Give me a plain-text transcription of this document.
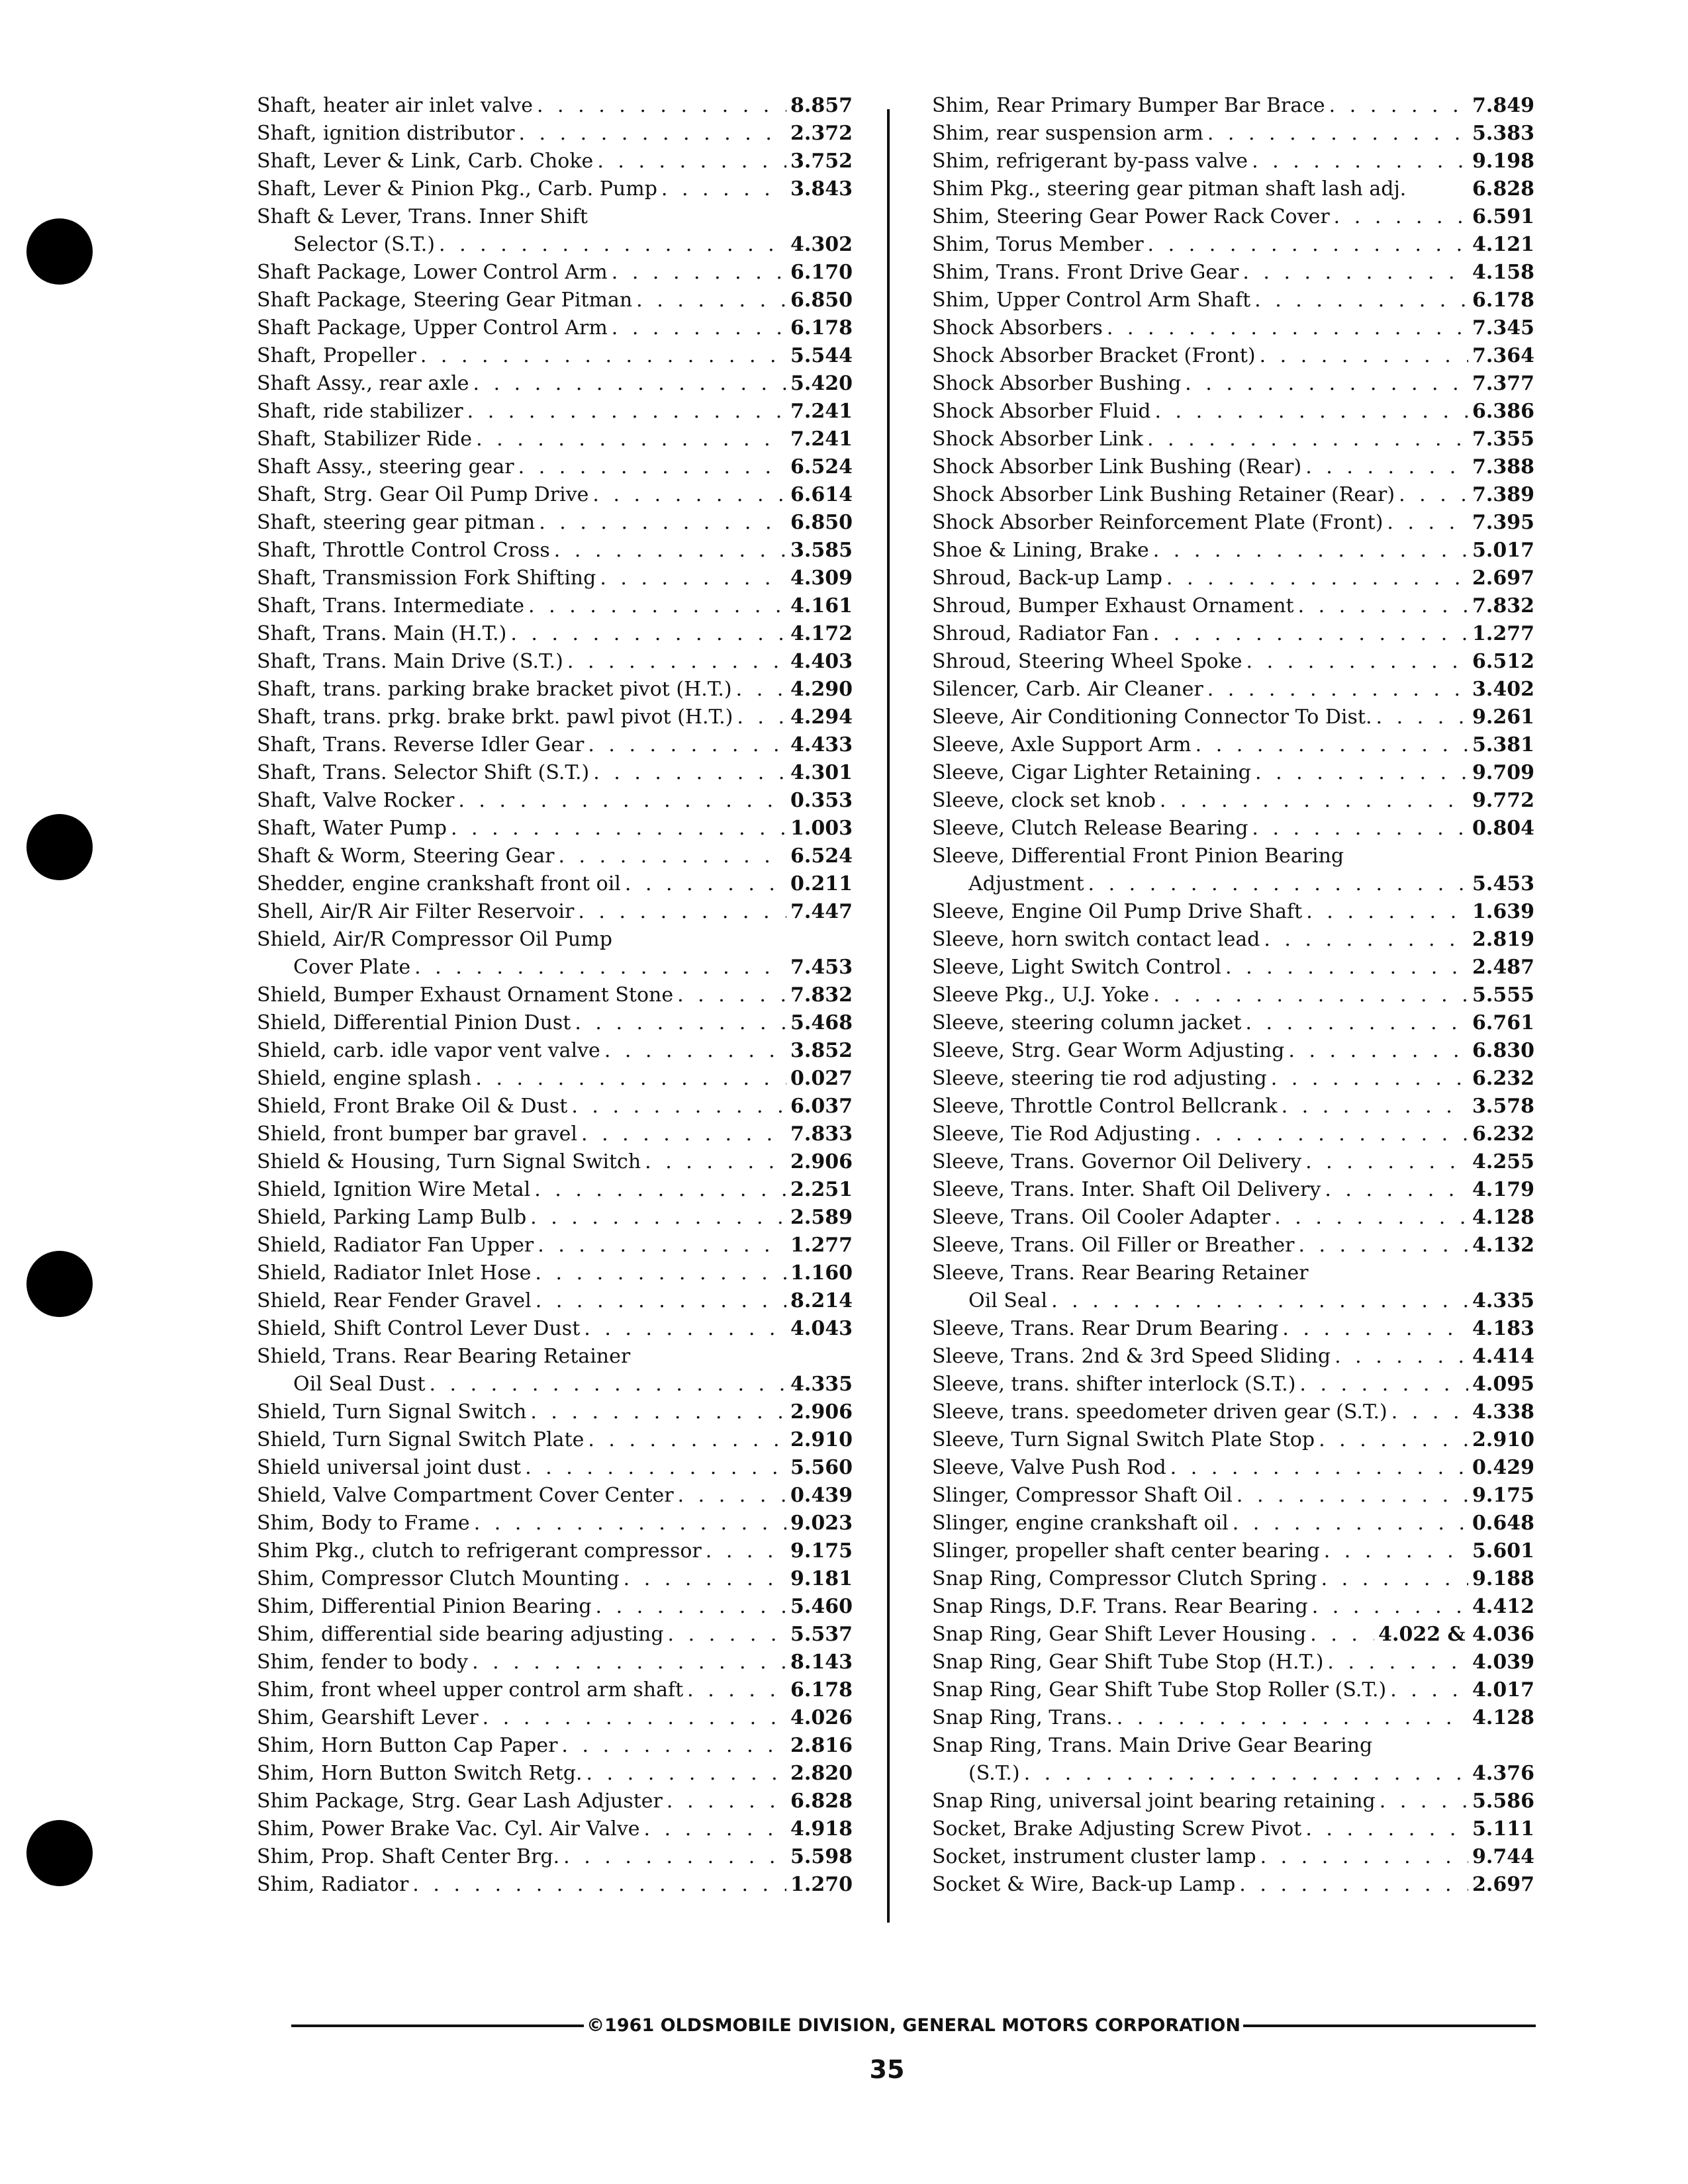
Shaft, heater air inlet valve . . .	8.857
Shaft, ignition distributor . . .	2.372
Shaft, Lever & Link, Carb. Choke . . .	3.752
Shaft, Lever & Pinion Pkg., Carb. Pump . . .	3.843
Shaft & Lever, Trans. Inner Shift
Selector (S.T.) . . .	4.302
Shaft Package, Lower Control Arm . . .	6.170
Shaft Package, Steering Gear Pitman . . .	6.850
Shaft Package, Upper Control Arm . . .	6.178
Shaft, Propeller . . .	5.544
Shaft Assy., rear axle . . .	5.420
Shaft, ride stabilizer . . .	7.241
Shaft, Stabilizer Ride . . .	7.241
Shaft Assy., steering gear . . .	6.524
Shaft, Strg. Gear Oil Pump Drive . . .	6.614
Shaft, steering gear pitman . . .	6.850
Shaft, Throttle Control Cross . . .	3.585
Shaft, Transmission Fork Shifting . . .	4.309
Shaft, Trans. Intermediate . . .	4.161
Shaft, Trans. Main (H.T.) . . .	4.172
Shaft, Trans. Main Drive (S.T.) . . .	4.403
Shaft, trans. parking brake bracket pivot (H.T.) . . .	4.290
Shaft, trans. prkg. brake brkt. pawl pivot (H.T.) . . .	4.294
Shaft, Trans. Reverse Idler Gear . . .	4.433
Shaft, Trans. Selector Shift (S.T.) . . .	4.301
Shaft, Valve Rocker . . .	0.353
Shaft, Water Pump . . .	1.003
Shaft & Worm, Steering Gear . . .	6.524
Shedder, engine crankshaft front oil . . .	0.211
Shell, Air/R Air Filter Reservoir . . .	7.447
Shield, Air/R Compressor Oil Pump
Cover Plate . . .	7.453
Shield, Bumper Exhaust Ornament Stone . . .	7.832
Shield, Differential Pinion Dust . . .	5.468
Shield, carb. idle vapor vent valve . . .	3.852
Shield, engine splash . . .	0.027
Shield, Front Brake Oil & Dust . . .	6.037
Shield, front bumper bar gravel . . .	7.833
Shield & Housing, Turn Signal Switch . . .	2.906
Shield, Ignition Wire Metal . . .	2.251
Shield, Parking Lamp Bulb . . .	2.589
Shield, Radiator Fan Upper . . .	1.277
Shield, Radiator Inlet Hose . . .	1.160
Shield, Rear Fender Gravel . . .	8.214
Shield, Shift Control Lever Dust . . .	4.043
Shield, Trans. Rear Bearing Retainer
Oil Seal Dust . . .	4.335
Shield, Turn Signal Switch . . .	2.906
Shield, Turn Signal Switch Plate . . .	2.910
Shield universal joint dust . . .	5.560
Shield, Valve Compartment Cover Center . . .	0.439
Shim, Body to Frame . . .	9.023
Shim Pkg., clutch to refrigerant compressor . . .	9.175
Shim, Compressor Clutch Mounting . . .	9.181
Shim, Differential Pinion Bearing . . .	5.460
Shim, differential side bearing adjusting . . .	5.537
Shim, fender to body . . .	8.143
Shim, front wheel upper control arm shaft . . .	6.178
Shim, Gearshift Lever . . .	4.026
Shim, Horn Button Cap Paper . . .	2.816
Shim, Horn Button Switch Retg. . . .	2.820
Shim Package, Strg. Gear Lash Adjuster . . .	6.828
Shim, Power Brake Vac. Cyl. Air Valve . . .	4.918
Shim, Prop. Shaft Center Brg. . . .	5.598
Shim, Radiator . . .	1.270
Shim, Rear Primary Bumper Bar Brace . . .	7.849
Shim, rear suspension arm . . .	5.383
Shim, refrigerant by-pass valve . . .	9.198
Shim Pkg., steering gear pitman shaft lash adj.	6.828
Shim, Steering Gear Power Rack Cover . . .	6.591
Shim, Torus Member . . .	4.121
Shim, Trans. Front Drive Gear . . .	4.158
Shim, Upper Control Arm Shaft . . .	6.178
Shock Absorbers . . .	7.345
Shock Absorber Bracket (Front) . . .	7.364
Shock Absorber Bushing . . .	7.377
Shock Absorber Fluid . . .	6.386
Shock Absorber Link . . .	7.355
Shock Absorber Link Bushing (Rear) . . .	7.388
Shock Absorber Link Bushing Retainer (Rear) . . .	7.389
Shock Absorber Reinforcement Plate (Front) . . .	7.395
Shoe & Lining, Brake . . .	5.017
Shroud, Back-up Lamp . . .	2.697
Shroud, Bumper Exhaust Ornament . . .	7.832
Shroud, Radiator Fan . . .	1.277
Shroud, Steering Wheel Spoke . . .	6.512
Silencer, Carb. Air Cleaner . . .	3.402
Sleeve, Air Conditioning Connector To Dist. . . .	9.261
Sleeve, Axle Support Arm . . .	5.381
Sleeve, Cigar Lighter Retaining . . .	9.709
Sleeve, clock set knob . . .	9.772
Sleeve, Clutch Release Bearing . . .	0.804
Sleeve, Differential Front Pinion Bearing
Adjustment . . .	5.453
Sleeve, Engine Oil Pump Drive Shaft . . .	1.639
Sleeve, horn switch contact lead . . .	2.819
Sleeve, Light Switch Control . . .	2.487
Sleeve Pkg., U.J. Yoke . . .	5.555
Sleeve, steering column jacket . . .	6.761
Sleeve, Strg. Gear Worm Adjusting . . .	6.830
Sleeve, steering tie rod adjusting . . .	6.232
Sleeve, Throttle Control Bellcrank . . .	3.578
Sleeve, Tie Rod Adjusting . . .	6.232
Sleeve, Trans. Governor Oil Delivery . . .	4.255
Sleeve, Trans. Inter. Shaft Oil Delivery . . .	4.179
Sleeve, Trans. Oil Cooler Adapter . . .	4.128
Sleeve, Trans. Oil Filler or Breather . . .	4.132
Sleeve, Trans. Rear Bearing Retainer
Oil Seal . . .	4.335
Sleeve, Trans. Rear Drum Bearing . . .	4.183
Sleeve, Trans. 2nd & 3rd Speed Sliding . . .	4.414
Sleeve, trans. shifter interlock (S.T.) . . .	4.095
Sleeve, trans. speedometer driven gear (S.T.) . . .	4.338
Sleeve, Turn Signal Switch Plate Stop . . .	2.910
Sleeve, Valve Push Rod . . .	0.429
Slinger, Compressor Shaft Oil . . .	9.175
Slinger, engine crankshaft oil . . .	0.648
Slinger, propeller shaft center bearing . . .	5.601
Snap Ring, Compressor Clutch Spring . . .	9.188
Snap Rings, D.F. Trans. Rear Bearing . . .	4.412
Snap Ring, Gear Shift Lever Housing . . .	4.022 & 4.036
Snap Ring, Gear Shift Tube Stop (H.T.) . . .	4.039
Snap Ring, Gear Shift Tube Stop Roller (S.T.) . . .	4.017
Snap Ring, Trans. . . .	4.128
Snap Ring, Trans. Main Drive Gear Bearing
(S.T.) . . .	4.376
Snap Ring, universal joint bearing retaining . . .	5.586
Socket, Brake Adjusting Screw Pivot . . .	5.111
Socket, instrument cluster lamp . . .	9.744
Socket & Wire, Back-up Lamp . . .	2.697
©1961 OLDSMOBILE DIVISION, GENERAL MOTORS CORPORATION
35
